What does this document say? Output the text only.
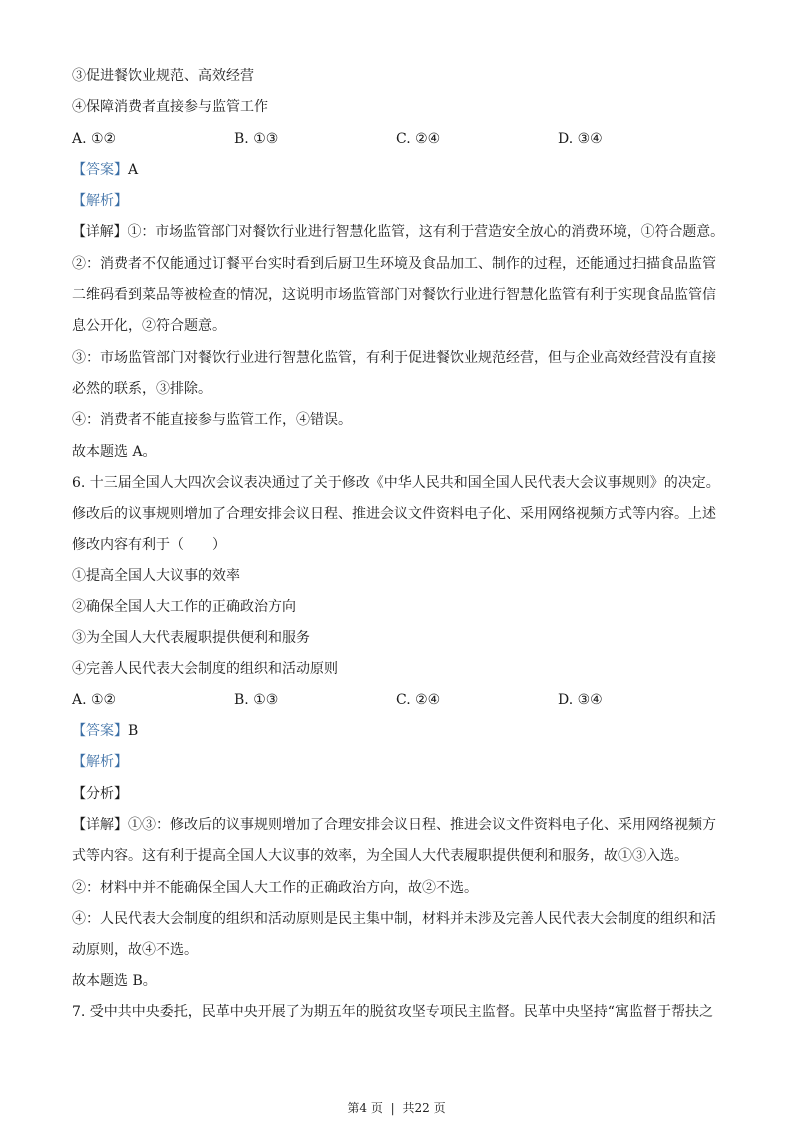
③促进餐饮业规范、高效经营
④保障消费者直接参与监管工作
A. ①②	B. ①③	C. ②④	D. ③④
【答案】A
【解析】
【详解】①：市场监管部门对餐饮行业进行智慧化监管，这有利于营造安全放心的消费环境，①符合题意。
②：消费者不仅能通过订餐平台实时看到后厨卫生环境及食品加工、制作的过程，还能通过扫描食品监管
二维码看到菜品等被检查的情况，这说明市场监管部门对餐饮行业进行智慧化监管有利于实现食品监管信
息公开化，②符合题意。
③：市场监管部门对餐饮行业进行智慧化监管，有利于促进餐饮业规范经营，但与企业高效经营没有直接
必然的联系，③排除。
④：消费者不能直接参与监管工作，④错误。
故本题选 A。
6. 十三届全国人大四次会议表决通过了关于修改《中华人民共和国全国人民代表大会议事规则》的决定。
修改后的议事规则增加了合理安排会议日程、推进会议文件资料电子化、采用网络视频方式等内容。上述
修改内容有利于（　　）
①提高全国人大议事的效率
②确保全国人大工作的正确政治方向
③为全国人大代表履职提供便利和服务
④完善人民代表大会制度的组织和活动原则
A. ①②	B. ①③	C. ②④	D. ③④
【答案】B
【解析】
【分析】
【详解】①③：修改后的议事规则增加了合理安排会议日程、推进会议文件资料电子化、采用网络视频方
式等内容。这有利于提高全国人大议事的效率，为全国人大代表履职提供便利和服务，故①③入选。
②：材料中并不能确保全国人大工作的正确政治方向，故②不选。
④：人民代表大会制度的组织和活动原则是民主集中制，材料并未涉及完善人民代表大会制度的组织和活
动原则，故④不选。
故本题选 B。
7. 受中共中央委托，民革中央开展了为期五年的脱贫攻坚专项民主监督。民革中央坚持“寓监督于帮扶之
第4 页 | 共22 页
